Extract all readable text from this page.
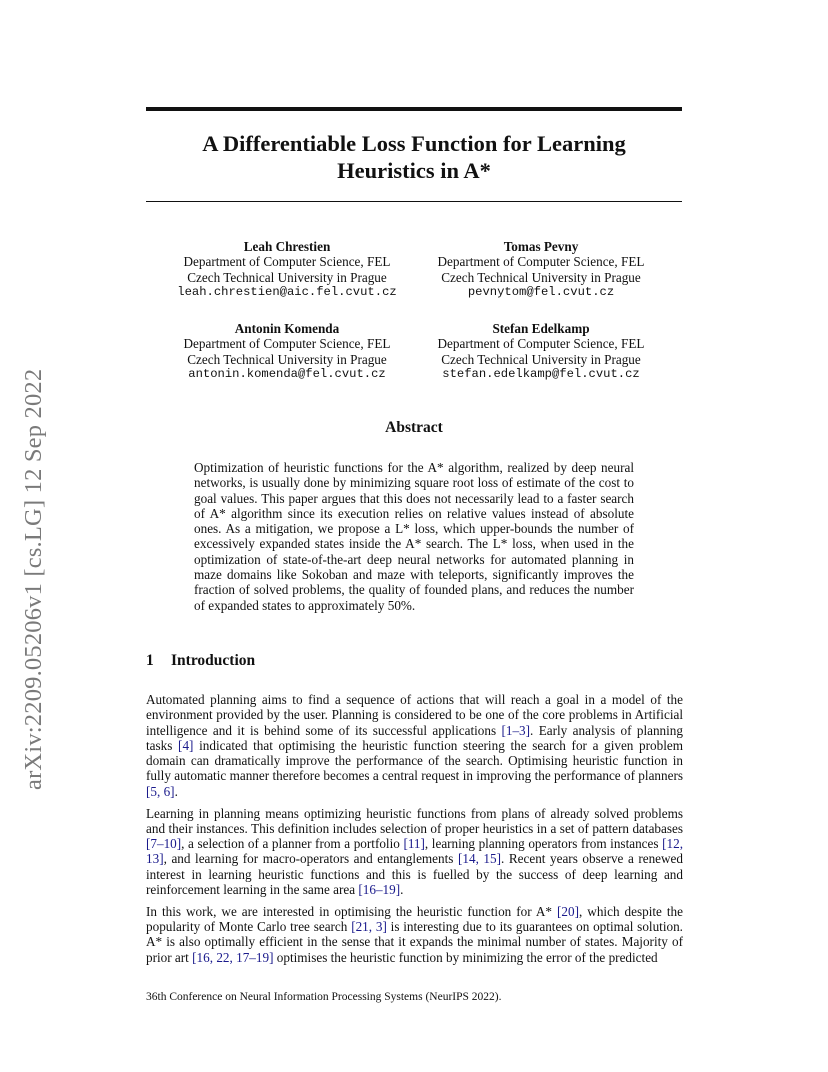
arXiv:2209.05206v1 [cs.LG] 12 Sep 2022
A Differentiable Loss Function for Learning
Heuristics in A*
Leah Chrestien
Department of Computer Science, FEL
Czech Technical University in Prague
leah.chrestien@aic.fel.cvut.cz
Tomas Pevny
Department of Computer Science, FEL
Czech Technical University in Prague
pevnytom@fel.cvut.cz
Antonin Komenda
Department of Computer Science, FEL
Czech Technical University in Prague
antonin.komenda@fel.cvut.cz
Stefan Edelkamp
Department of Computer Science, FEL
Czech Technical University in Prague
stefan.edelkamp@fel.cvut.cz
Abstract
Optimization of heuristic functions for the A* algorithm, realized by deep neural networks, is usually done by minimizing square root loss of estimate of the cost to goal values. This paper argues that this does not necessarily lead to a faster search of A* algorithm since its execution relies on relative values instead of absolute ones. As a mitigation, we propose a L* loss, which upper-bounds the number of excessively expanded states inside the A* search. The L* loss, when used in the optimization of state-of-the-art deep neural networks for automated planning in maze domains like Sokoban and maze with teleports, significantly improves the fraction of solved problems, the quality of founded plans, and reduces the number of expanded states to approximately 50%.
1 Introduction

Automated planning aims to find a sequence of actions that will reach a goal in a model of the environment provided by the user. Planning is considered to be one of the core problems in Artificial intelligence and it is behind some of its successful applications [1–3]. Early analysis of planning tasks [4] indicated that optimising the heuristic function steering the search for a given problem domain can dramatically improve the performance of the search. Optimising heuristic function in fully automatic manner therefore becomes a central request in improving the performance of planners [5, 6].

Learning in planning means optimizing heuristic functions from plans of already solved problems and their instances. This definition includes selection of proper heuristics in a set of pattern databases [7–10], a selection of a planner from a portfolio [11], learning planning operators from instances [12, 13], and learning for macro-operators and entanglements [14, 15]. Recent years observe a renewed interest in learning heuristic functions and this is fuelled by the success of deep learning and reinforcement learning in the same area [16–19].

In this work, we are interested in optimising the heuristic function for A* [20], which despite the popularity of Monte Carlo tree search [21, 3] is interesting due to its guarantees on optimal solution. A* is also optimally efficient in the sense that it expands the minimal number of states. Majority of prior art [16, 22, 17–19] optimises the heuristic function by minimizing the error of the predicted

36th Conference on Neural Information Processing Systems (NeurIPS 2022).
